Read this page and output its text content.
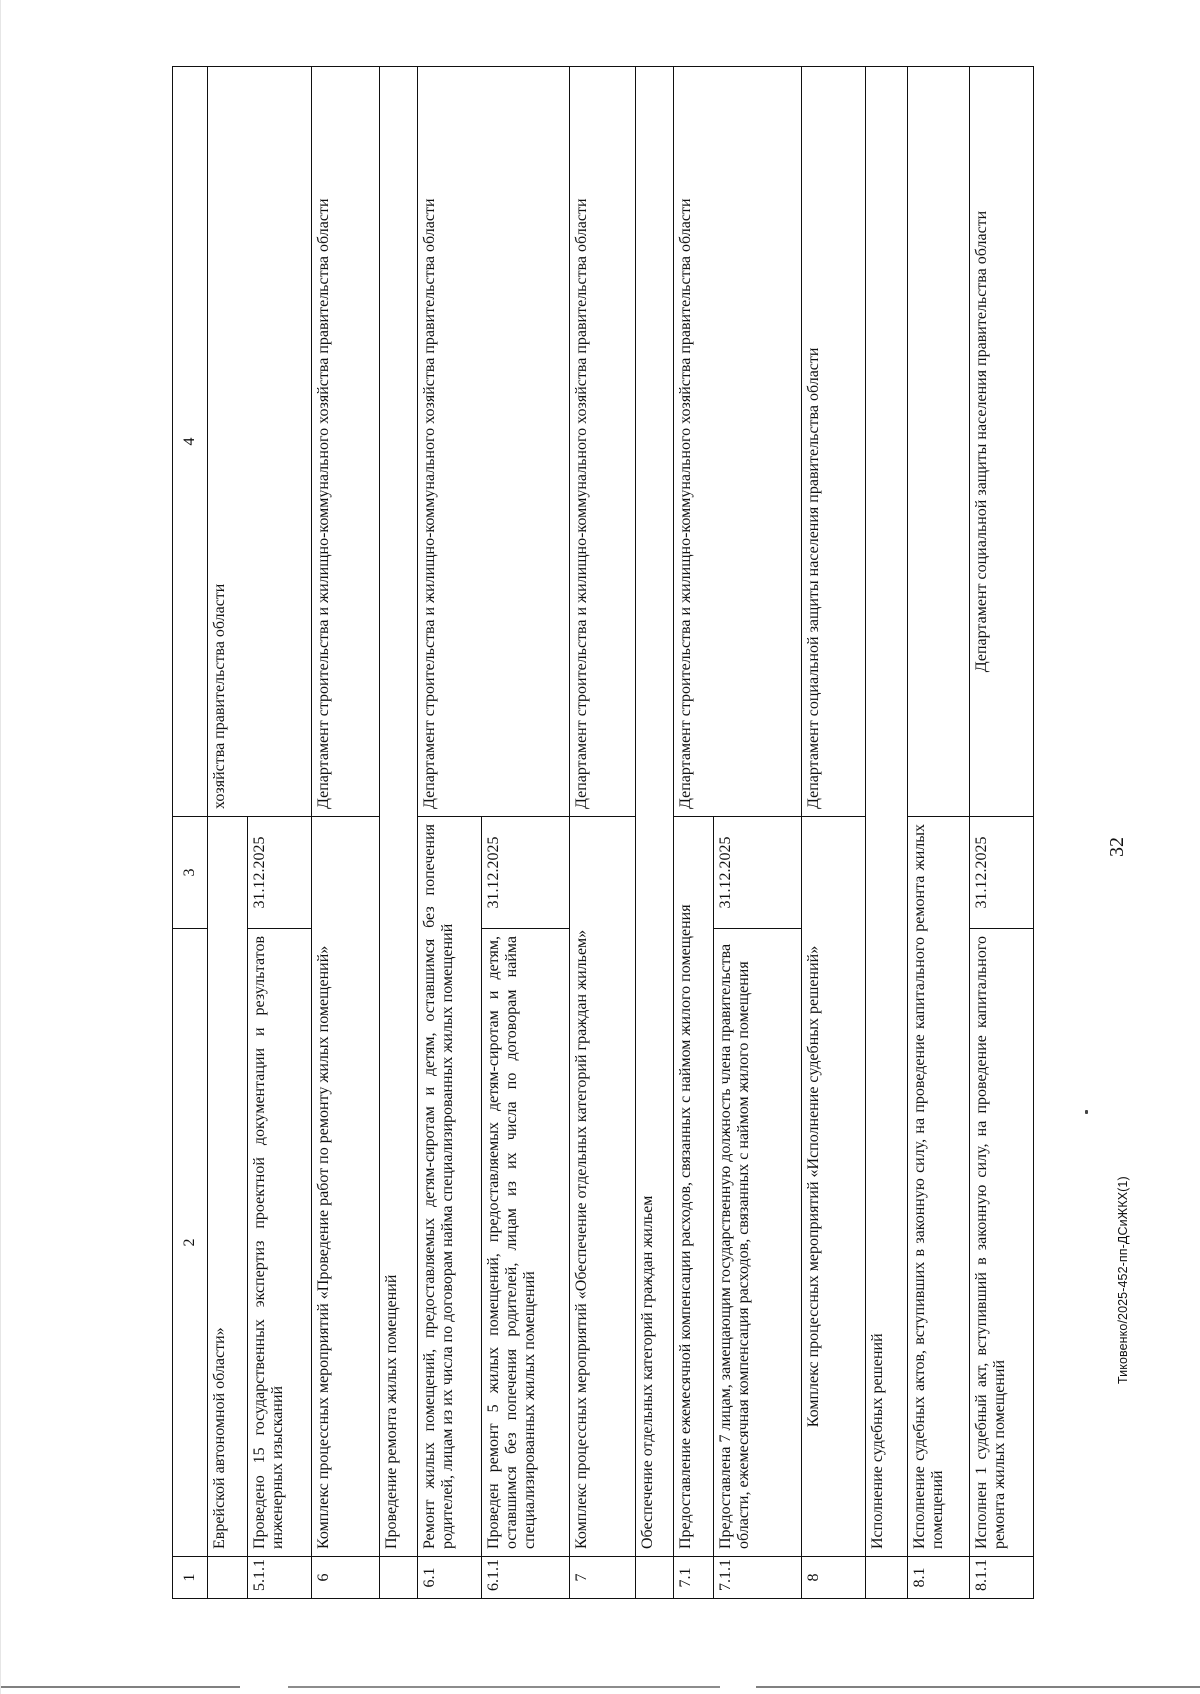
32
1	2	3	4
	Еврейской автономной области»		хозяйства правительства области
5.1.1	Проведено 15 государственных экспертиз проектной документации и результатов инженерных изысканий	31.12.2025	
6	Комплекс процессных мероприятий «Проведение работ по ремонту жилых помещений»		Департамент строительства и жилищно-коммунального хозяйства правительства области
	Проведение ремонта жилых помещений		
6.1	Ремонт жилых помещений, предоставляемых детям-сиротам и детям, оставшимся без попечения родителей, лицам из их числа по договорам найма специализированных жилых помещений		Департамент строительства и жилищно-коммунального хозяйства правительства области
6.1.1	Проведен ремонт 5 жилых помещений, предоставляемых детям-сиротам и детям, оставшимся без попечения родителей, лицам из их числа по договорам найма специализированных жилых помещений	31.12.2025	
7	Комплекс процессных мероприятий «Обеспечение отдельных категорий граждан жильем»		Департамент строительства и жилищно-коммунального хозяйства правительства области
	Обеспечение отдельных категорий граждан жильем		
7.1	Предоставление ежемесячной компенсации расходов, связанных с наймом жилого помещения		Департамент строительства и жилищно-коммунального хозяйства правительства области
7.1.1	Предоставлена 7 лицам, замещающим государственную должность члена правительства области, ежемесячная компенсация расходов, связанных с наймом жилого помещения	31.12.2025	
8	Комплекс процессных мероприятий «Исполнение судебных решений»		Департамент социальной защиты населения правительства области
	Исполнение судебных решений		
8.1	Исполнение судебных актов, вступивших в законную силу, на проведение капитального ремонта жилых помещений		
8.1.1	Исполнен 1 судебный акт, вступивший в законную силу, на проведение капитального ремонта жилых помещений	31.12.2025	Департамент социальной защиты населения правительства области
Тиковенко/2025-452-пп-ДСиЖКХ(1)
